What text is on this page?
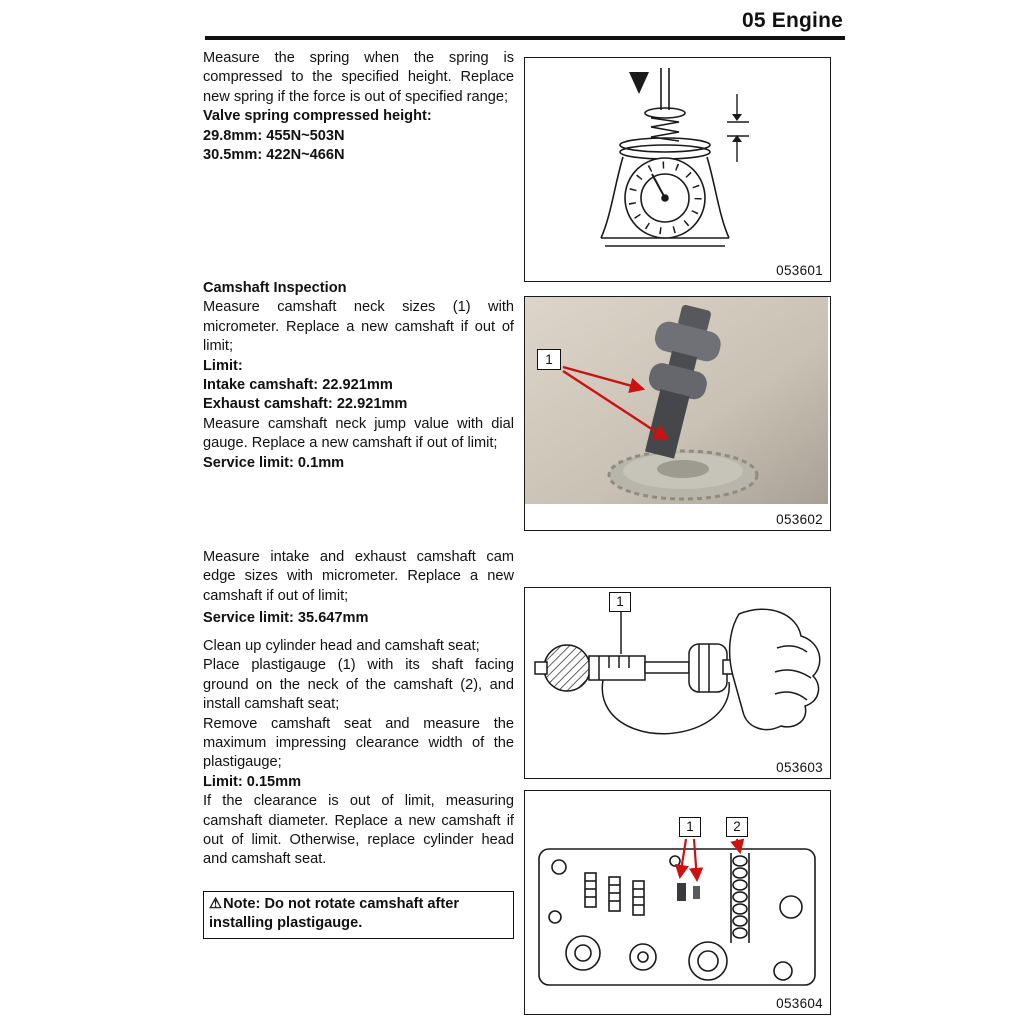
05 Engine

Measure the spring when the spring is compressed to the specified height. Replace new spring if the force is out of specified range;

Valve spring compressed height:

29.8mm: 455N~503N

30.5mm: 422N~466N

Camshaft Inspection

Measure camshaft neck sizes (1) with micrometer. Replace a new camshaft if out of limit;

Limit:

Intake camshaft: 22.921mm

Exhaust camshaft: 22.921mm

Measure camshaft neck jump value with dial gauge. Replace a new camshaft if out of limit;

Service limit: 0.1mm

Measure intake and exhaust camshaft cam edge sizes with micrometer. Replace a new camshaft if out of limit;

Service limit: 35.647mm

Clean up cylinder head and camshaft seat;

Place plastigauge (1) with its shaft facing ground on the neck of the camshaft (2), and install camshaft seat;

Remove camshaft seat and measure the maximum impressing clearance width of the plastigauge;

Limit: 0.15mm

If the clearance is out of limit, measuring camshaft diameter. Replace a new camshaft if out of limit. Otherwise, replace cylinder head and camshaft seat.

⚠Note: Do not rotate camshaft after installing plastigauge.
053601
1
053602
1
053603
1	2
053604
